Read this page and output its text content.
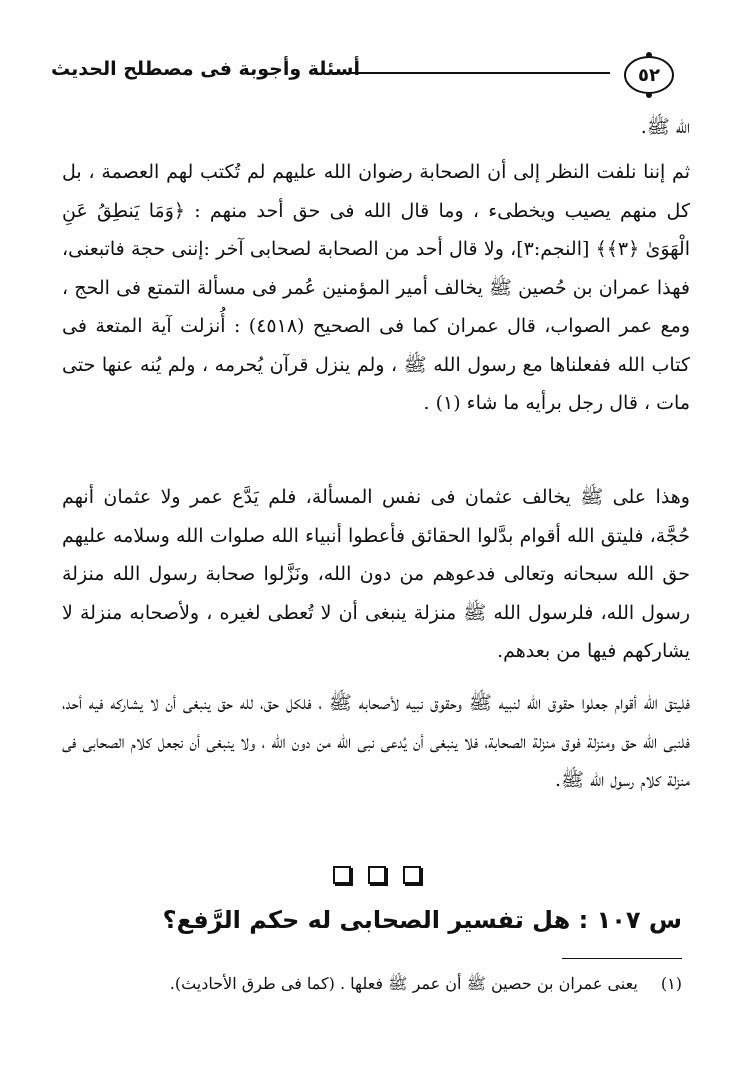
أسئلة وأجوبة فى مصطلح الحديث	٥٢

الله ﷺ.

ثم إننا نلفت النظر إلى أن الصحابة رضوان الله عليهم لم تُكتب لهم العصمة ، بل كل منهم يصيب ويخطىء ، وما قال الله فى حق أحد منهم : ﴿وَمَا يَنطِقُ عَنِ الْهَوَىٰ ﴿٣﴾﴾ [النجم:٣]، ولا قال أحد من الصحابة لصحابى آخر :إننى حجة فاتبعنى، فهذا عمران بن حُصين ﷺ يخالف أمير المؤمنين عُمر فى مسألة التمتع فى الحج ، ومع عمر الصواب، قال عمران كما فى الصحيح (٤٥١٨) : أُنزلت آية المتعة فى كتاب الله ففعلناها مع رسول الله ﷺ ، ولم ينزل قرآن يُحرمه ، ولم يُنه عنها حتى مات ، قال رجل برأيه ما شاء (١) .

وهذا على ﷺ يخالف عثمان فى نفس المسألة، فلم يَدَّع عمر ولا عثمان أنهم حُجَّة، فليتق الله أقوام بدَّلوا الحقائق فأعطوا أنبياء الله صلوات الله وسلامه عليهم حق الله سبحانه وتعالى فدعوهم من دون الله، ونَزَّلوا صحابة رسول الله منزلة رسول الله، فلرسول الله ﷺ منزلة ينبغى أن لا تُعطى لغيره ، ولأصحابه منزلة لا يشاركهم فيها من بعدهم.

فليتق الله أقوام جعلوا حقوق الله لنبيه ﷺ وحقوق نبيه لأصحابه ﷺ ، فلكل حق، لله حق ينبغى أن لا يشاركه فيه أحد، فلنبى الله حق ومنزلة فوق منزلة الصحابة، فلا ينبغى أن يُدعى نبى الله من دون الله ، ولا ينبغى أن نجعل كلام الصحابى فى منزلة كلام رسول الله ﷺ.

س ١٠٧ : هل تفسير الصحابى له حكم الرَّفع؟
(١) يعنى عمران بن حصين ﷺ أن عمر ﷺ فعلها . (كما فى طرق الأحاديث).
